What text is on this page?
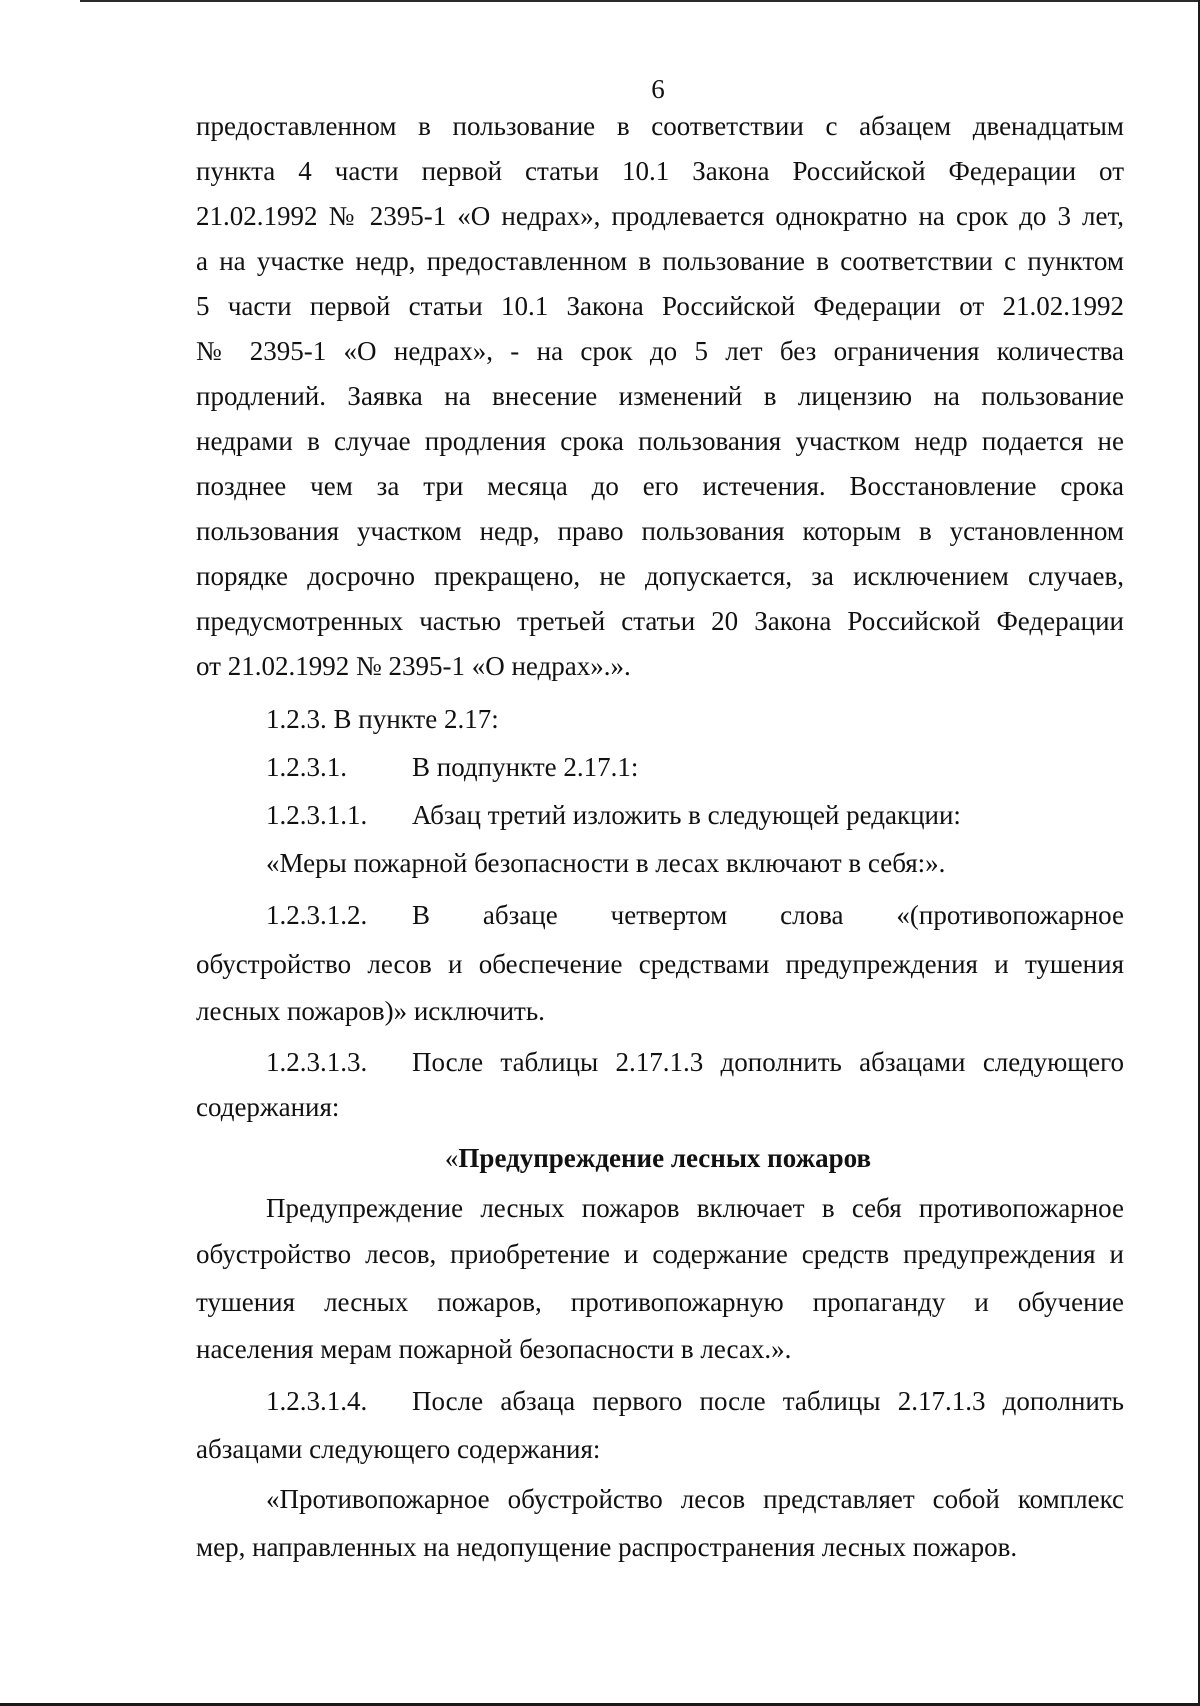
6

предоставленном в пользование в соответствии с абзацем двенадцатым

пункта 4 части первой статьи 10.1 Закона Российской Федерации от

21.02.1992 № 2395-1 «О недрах», продлевается однократно на срок до 3 лет,

а на участке недр, предоставленном в пользование в соответствии с пунктом

5 части первой статьи 10.1 Закона Российской Федерации от 21.02.1992

№ 2395-1 «О недрах», - на срок до 5 лет без ограничения количества

продлений. Заявка на внесение изменений в лицензию на пользование

недрами в случае продления срока пользования участком недр подается не

позднее чем за три месяца до его истечения. Восстановление срока

пользования участком недр, право пользования которым в установленном

порядке досрочно прекращено, не допускается, за исключением случаев,

предусмотренных частью третьей статьи 20 Закона Российской Федерации

от 21.02.1992 № 2395-1 «О недрах».».

1.2.3. В пункте 2.17:

1.2.3.1. В подпункте 2.17.1:
1.2.3.1.1. Абзац третий изложить в следующей редакции:

«Меры пожарной безопасности в лесах включают в себя:».

1.2.3.1.2. В абзаце четвертом слова «(противопожарное

обустройство лесов и обеспечение средствами предупреждения и тушения

лесных пожаров)» исключить.

1.2.3.1.3. После таблицы 2.17.1.3 дополнить абзацами следующего

содержания:

«Предупреждение лесных пожаров

Предупреждение лесных пожаров включает в себя противопожарное

обустройство лесов, приобретение и содержание средств предупреждения и

тушения лесных пожаров, противопожарную пропаганду и обучение

населения мерам пожарной безопасности в лесах.».

1.2.3.1.4. После абзаца первого после таблицы 2.17.1.3 дополнить

абзацами следующего содержания:

«Противопожарное обустройство лесов представляет собой комплекс

мер, направленных на недопущение распространения лесных пожаров.
